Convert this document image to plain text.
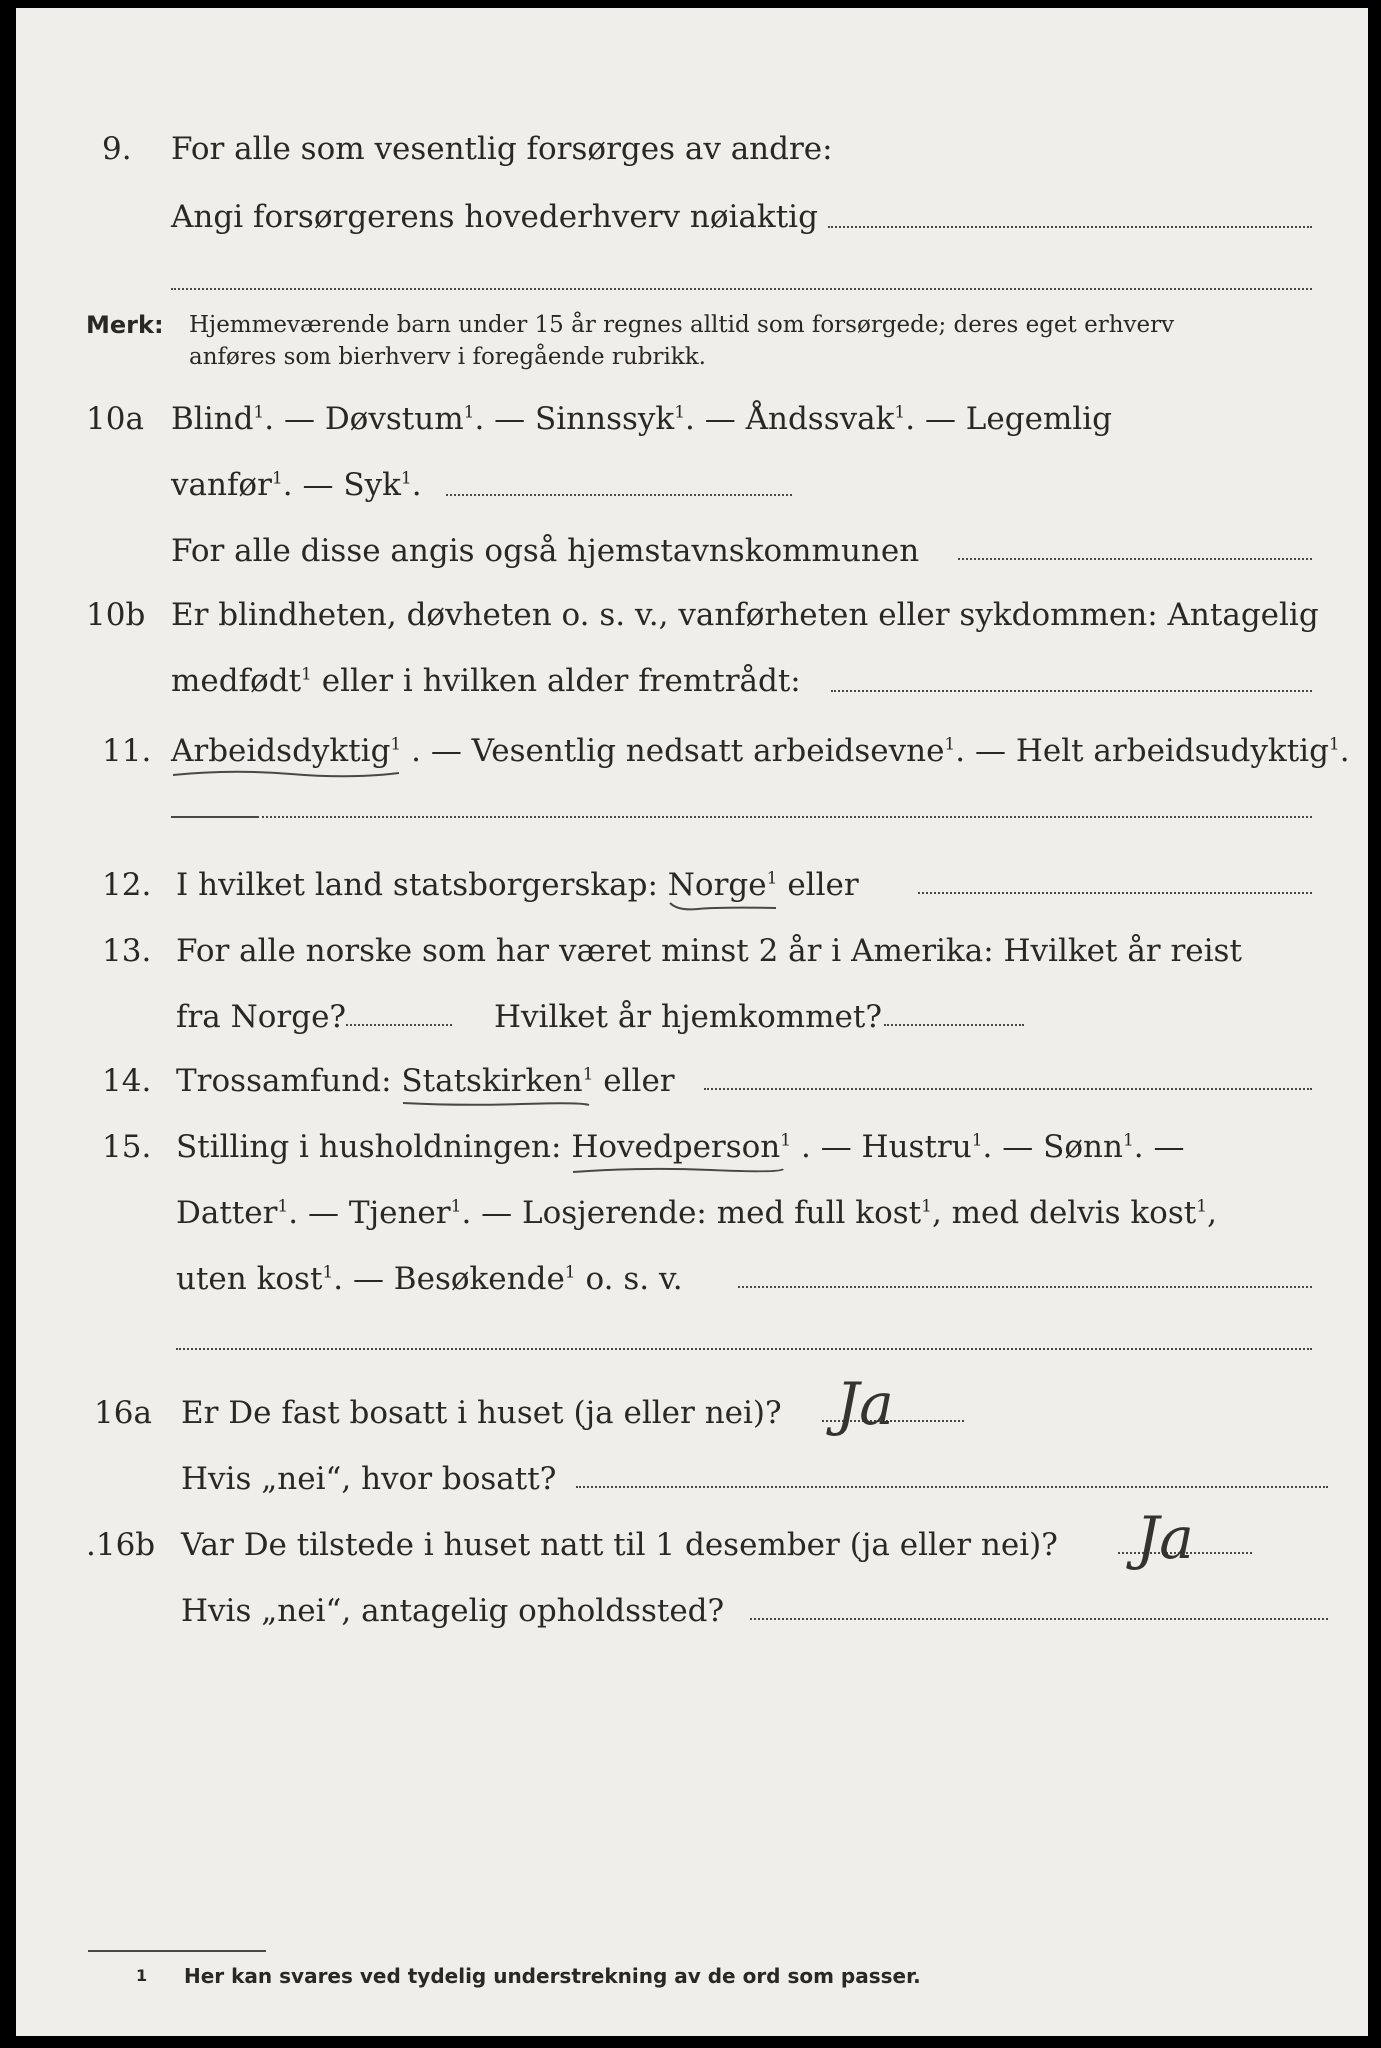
9. For alle som vesentlig forsørges av andre:
Angi forsørgerens hovederhverv nøiaktig
Merk: Hjemmeværende barn under 15 år regnes alltid som forsørgede; deres eget erhverv
anføres som bierhverv i foregående rubrikk.
10a Blind$^1$. — Døvstum$^1$. — Sinnssyk$^1$. — Åndssvak$^1$. — Legemlig
vanfør$^1$. — Syk$^1$.
For alle disse angis også hjemstavnskommunen
10b Er blindheten, døvheten o. s. v., vanførheten eller sykdommen: Antagelig
medfødt$^1$ eller i hvilken alder fremtrådt:
11. Arbeidsdyktig$^1$ . — Vesentlig nedsatt arbeidsevne$^1$. — Helt arbeidsudyktig$^1$.
12. I hvilket land statsborgerskap: Norge$^1$
eller
13. For alle norske som har været minst 2 år i Amerika: Hvilket år reist
fra Norge?	Hvilket år hjemkommet?
14. Trossamfund: Statskirken$^1$
eller
15. Stilling i husholdningen: Hovedperson$^1$ . — Hustru$^1$. — Sønn$^1$. —
Datter$^1$. — Tjener$^1$. — Losjerende: med full kost$^1$, med delvis kost$^1$,
uten kost$^1$. — Besøkende$^1$ o. s. v.
16a Er De fast bosatt i huset (ja eller nei)? Ja
Hvis „nei“, hvor bosatt?
.16b Var De tilstede i huset natt til 1 desember (ja eller nei)? Ja
Hvis „nei“, antagelig opholdssted?
1 Her kan svares ved tydelig understrekning av de ord som passer.
